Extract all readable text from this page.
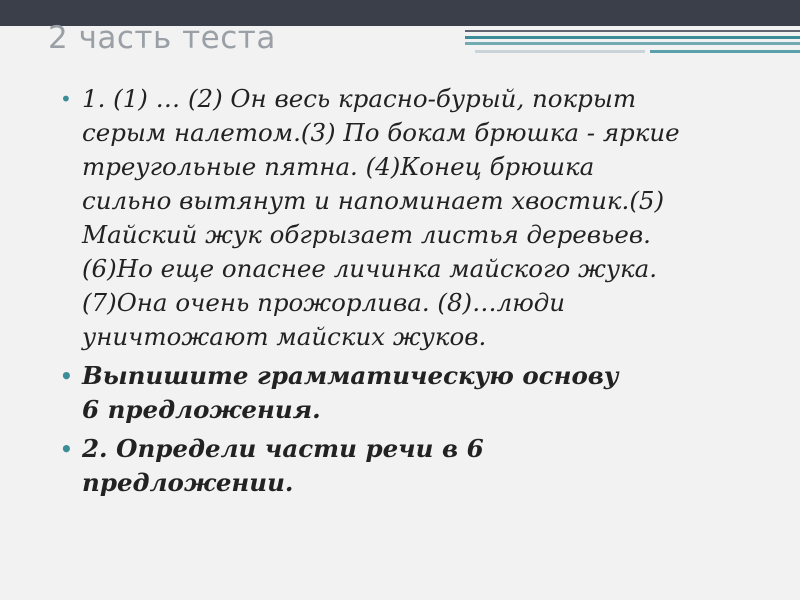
2 часть теста
• 1. (1) … (2) Он весь красно-бурый, покрыт

серым налетом.(3) По бокам брюшка - яркие

треугольные пятна. (4)Конец брюшка

сильно вытянут и напоминает хвостик.(5)

Майский жук обгрызает листья деревьев.

(6)Но еще опаснее личинка майского жука.

(7)Она очень прожорлива. (8)…люди

уничтожают майских жуков.

• Выпишите грамматическую основу

6 предложения.

• 2. Определи части речи в 6

предложении.
